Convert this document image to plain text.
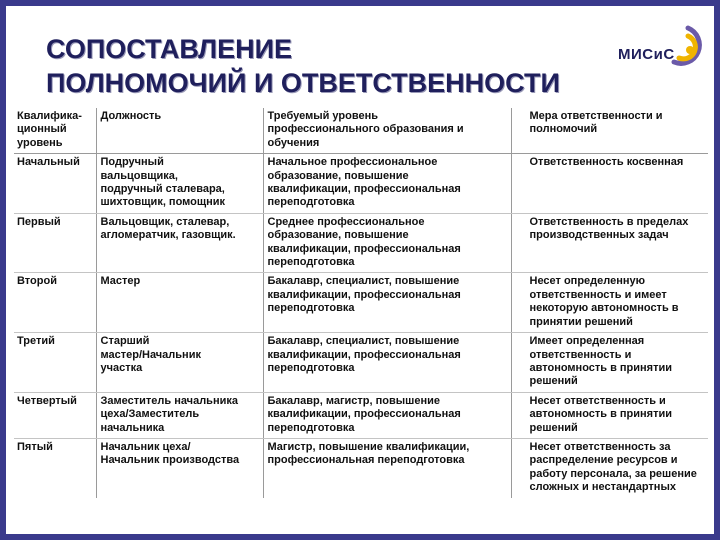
СОПОСТАВЛЕНИЕ
ПОЛНОМОЧИЙ И ОТВЕТСТВЕННОСТИ
МИСиС
Квалифика-
ционный
уровень	Должность	Требуемый уровень
профессионального образования и
обучения	Мера ответственности и
полномочий
Начальный	Подручный
вальцовщика,
подручный сталевара,
шихтовщик, помощник	Начальное профессиональное
образование, повышение
квалификации, профессиональная
переподготовка	Ответственность косвенная
Первый	Вальцовщик, сталевар,
агломератчик, газовщик.	Среднее профессиональное
образование, повышение
квалификации, профессиональная
переподготовка	Ответственность в пределах
производственных задач
Второй	Мастер	Бакалавр, специалист, повышение
квалификации, профессиональная
переподготовка	Несет определенную
ответственность и имеет
некоторую автономность в
принятии решений
Третий	Старший
мастер/Начальник
участка	Бакалавр, специалист, повышение
квалификации, профессиональная
переподготовка	Имеет определенная
ответственность и
автономность в принятии
решений
Четвертый	Заместитель начальника
цеха/Заместитель
начальника	Бакалавр, магистр, повышение
квалификации, профессиональная
переподготовка	Несет ответственность и
автономность в принятии
решений
Пятый	Начальник цеха/
Начальник производства	Магистр, повышение квалификации,
профессиональная переподготовка	Несет ответственность за
распределение ресурсов и
работу персонала, за решение
сложных и нестандартных
